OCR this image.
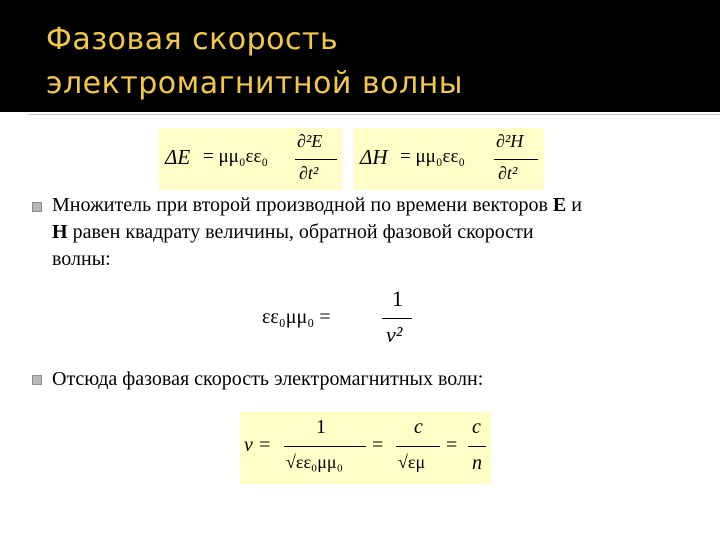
Фазовая скорость
электромагнитной волны
ΔE = μμ₀εε₀
∂²E
∂t²
ΔH = μμ₀εε₀
∂²H
∂t²
Множитель при второй производной по времени векторов E и
H равен квадрату величины, обратной фазовой скорости
волны:
εε₀μμ₀ =
1
v²
Отсюда фазовая скорость электромагнитных волн:
v =
1
√εε₀μμ₀
=
c
√εμ
=
c
n
